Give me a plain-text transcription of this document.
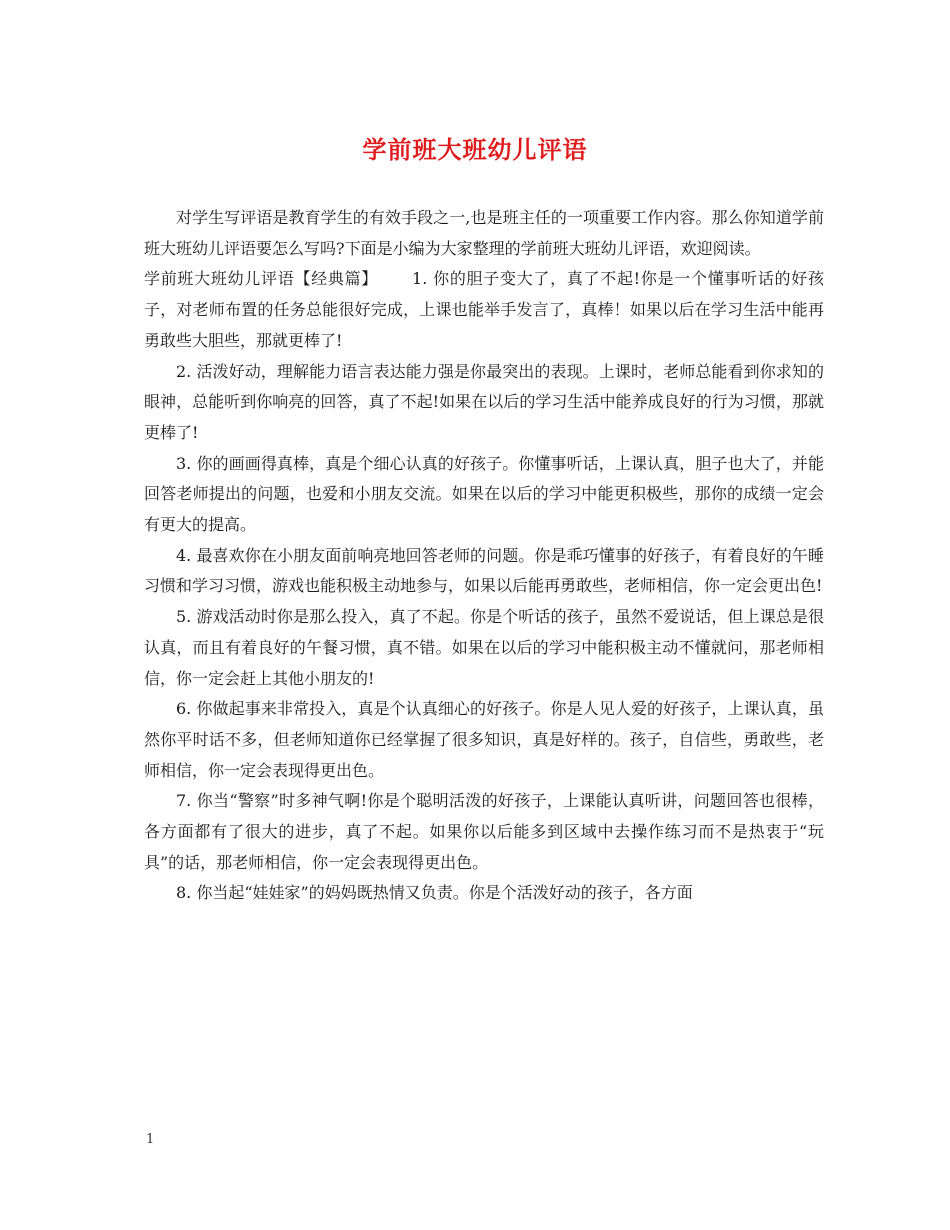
学前班大班幼儿评语

对学生写评语是教育学生的有效手段之一,也是班主任的一项重要工作内容。那么你知道学前班大班幼儿评语要怎么写吗?下面是小编为大家整理的学前班大班幼儿评语，欢迎阅读。

学前班大班幼儿评语【经典篇】 1. 你的胆子变大了，真了不起!你是一个懂事听话的好孩子，对老师布置的任务总能很好完成，上课也能举手发言了，真棒！如果以后在学习生活中能再勇敢些大胆些，那就更棒了!

2. 活泼好动，理解能力语言表达能力强是你最突出的表现。上课时，老师总能看到你求知的眼神，总能听到你响亮的回答，真了不起!如果在以后的学习生活中能养成良好的行为习惯，那就更棒了!

3. 你的画画得真棒，真是个细心认真的好孩子。你懂事听话，上课认真，胆子也大了，并能回答老师提出的问题，也爱和小朋友交流。如果在以后的学习中能更积极些，那你的成绩一定会有更大的提高。

4. 最喜欢你在小朋友面前响亮地回答老师的问题。你是乖巧懂事的好孩子，有着良好的午睡习惯和学习习惯，游戏也能积极主动地参与，如果以后能再勇敢些，老师相信，你一定会更出色!

5. 游戏活动时你是那么投入，真了不起。你是个听话的孩子，虽然不爱说话，但上课总是很认真，而且有着良好的午餐习惯，真不错。如果在以后的学习中能积极主动不懂就问，那老师相信，你一定会赶上其他小朋友的!

6. 你做起事来非常投入，真是个认真细心的好孩子。你是人见人爱的好孩子，上课认真，虽然你平时话不多，但老师知道你已经掌握了很多知识，真是好样的。孩子，自信些，勇敢些，老师相信，你一定会表现得更出色。

7. 你当“警察”时多神气啊!你是个聪明活泼的好孩子，上课能认真听讲，问题回答也很棒，各方面都有了很大的进步，真了不起。如果你以后能多到区域中去操作练习而不是热衷于“玩具”的话，那老师相信，你一定会表现得更出色。

8. 你当起“娃娃家”的妈妈既热情又负责。你是个活泼好动的孩子，各方面

1
